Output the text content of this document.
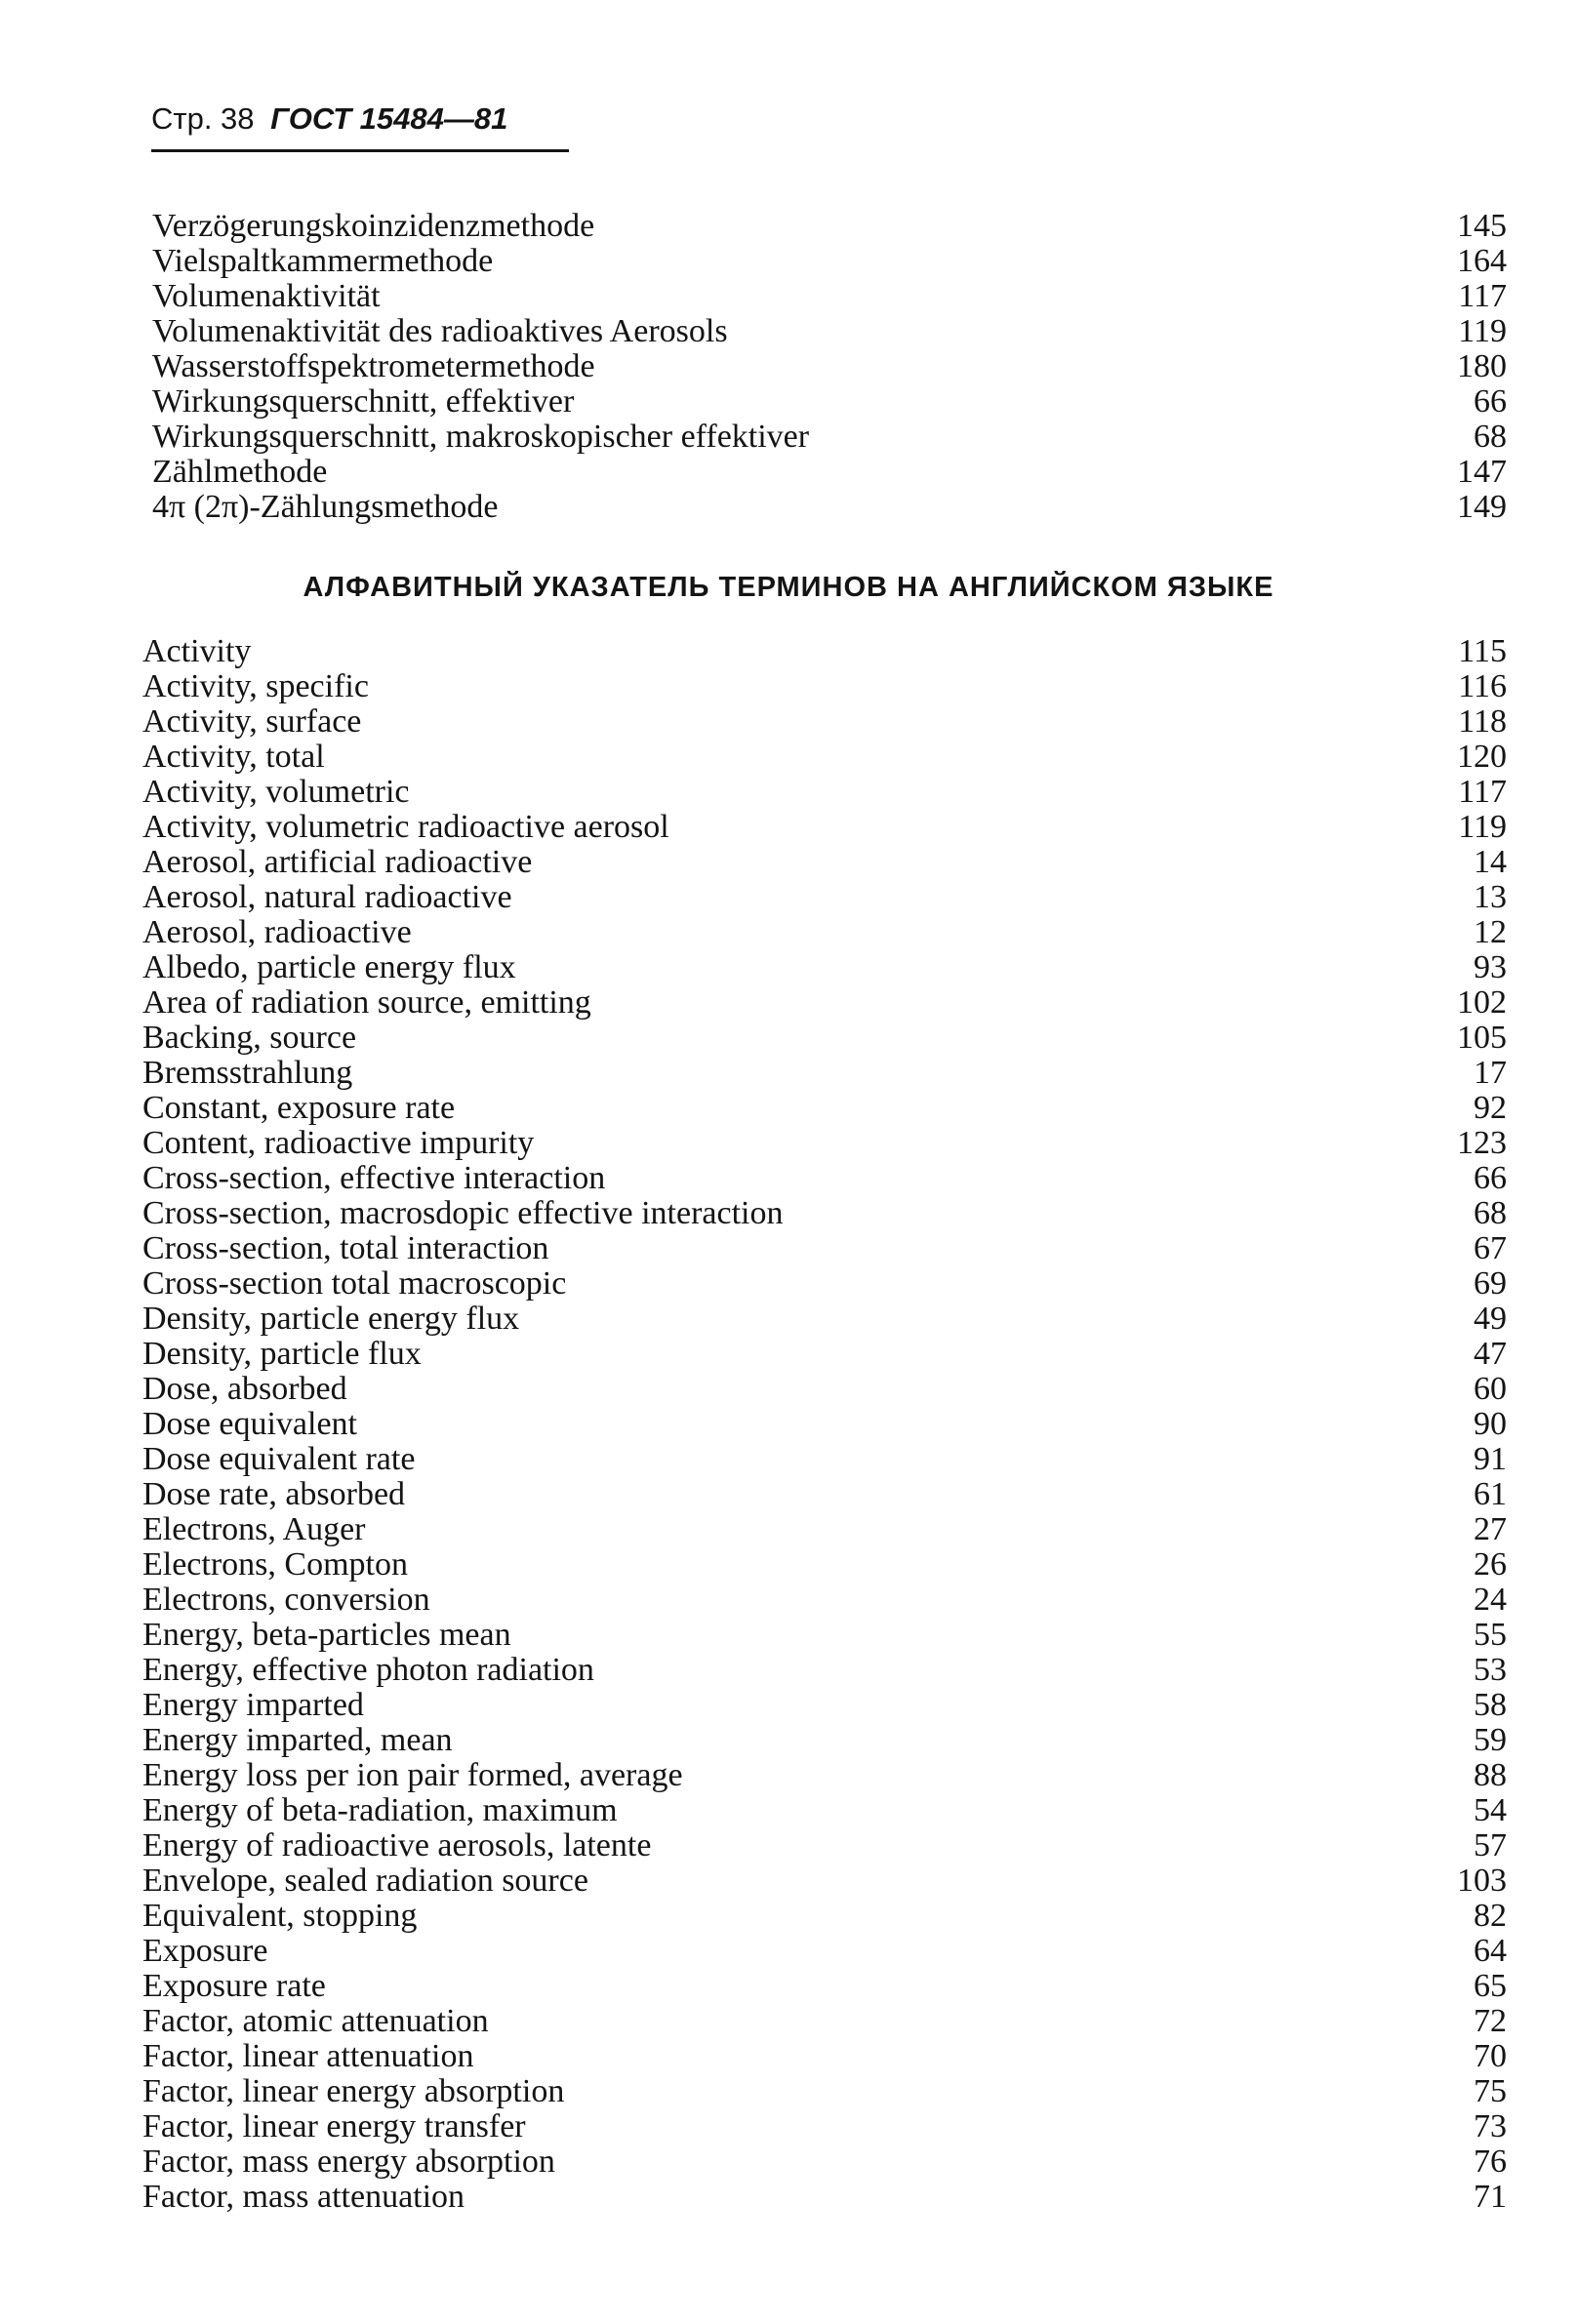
Стр. 38 ГОСТ 15484—81
Verzögerungskoinzidenzmethode	145
Vielspaltkammermethode	164
Volumenaktivität	117
Volumenaktivität des radioaktives Aerosols	119
Wasserstoffspektrometermethode	180
Wirkungsquerschnitt, effektiver	66
Wirkungsquerschnitt, makroskopischer effektiver	68
Zählmethode	147
4π (2π)-Zählungsmethode	149
АЛФАВИТНЫЙ УКАЗАТЕЛЬ ТЕРМИНОВ НА АНГЛИЙСКОМ ЯЗЫКЕ
Activity	115
Activity, specific	116
Activity, surface	118
Activity, total	120
Activity, volumetric	117
Activity, volumetric radioactive aerosol	119
Aerosol, artificial radioactive	14
Aerosol, natural radioactive	13
Aerosol, radioactive	12
Albedo, particle energy flux	93
Area of radiation source, emitting	102
Backing, source	105
Bremsstrahlung	17
Constant, exposure rate	92
Content, radioactive impurity	123
Cross-section, effective interaction	66
Cross-section, macrosdopic effective interaction	68
Cross-section, total interaction	67
Cross-section total macroscopic	69
Density, particle energy flux	49
Density, particle flux	47
Dose, absorbed	60
Dose equivalent	90
Dose equivalent rate	91
Dose rate, absorbed	61
Electrons, Auger	27
Electrons, Compton	26
Electrons, conversion	24
Energy, beta-particles mean	55
Energy, effective photon radiation	53
Energy imparted	58
Energy imparted, mean	59
Energy loss per ion pair formed, average	88
Energy of beta-radiation, maximum	54
Energy of radioactive aerosols, latente	57
Envelope, sealed radiation source	103
Equivalent, stopping	82
Exposure	64
Exposure rate	65
Factor, atomic attenuation	72
Factor, linear attenuation	70
Factor, linear energy absorption	75
Factor, linear energy transfer	73
Factor, mass energy absorption	76
Factor, mass attenuation	71
